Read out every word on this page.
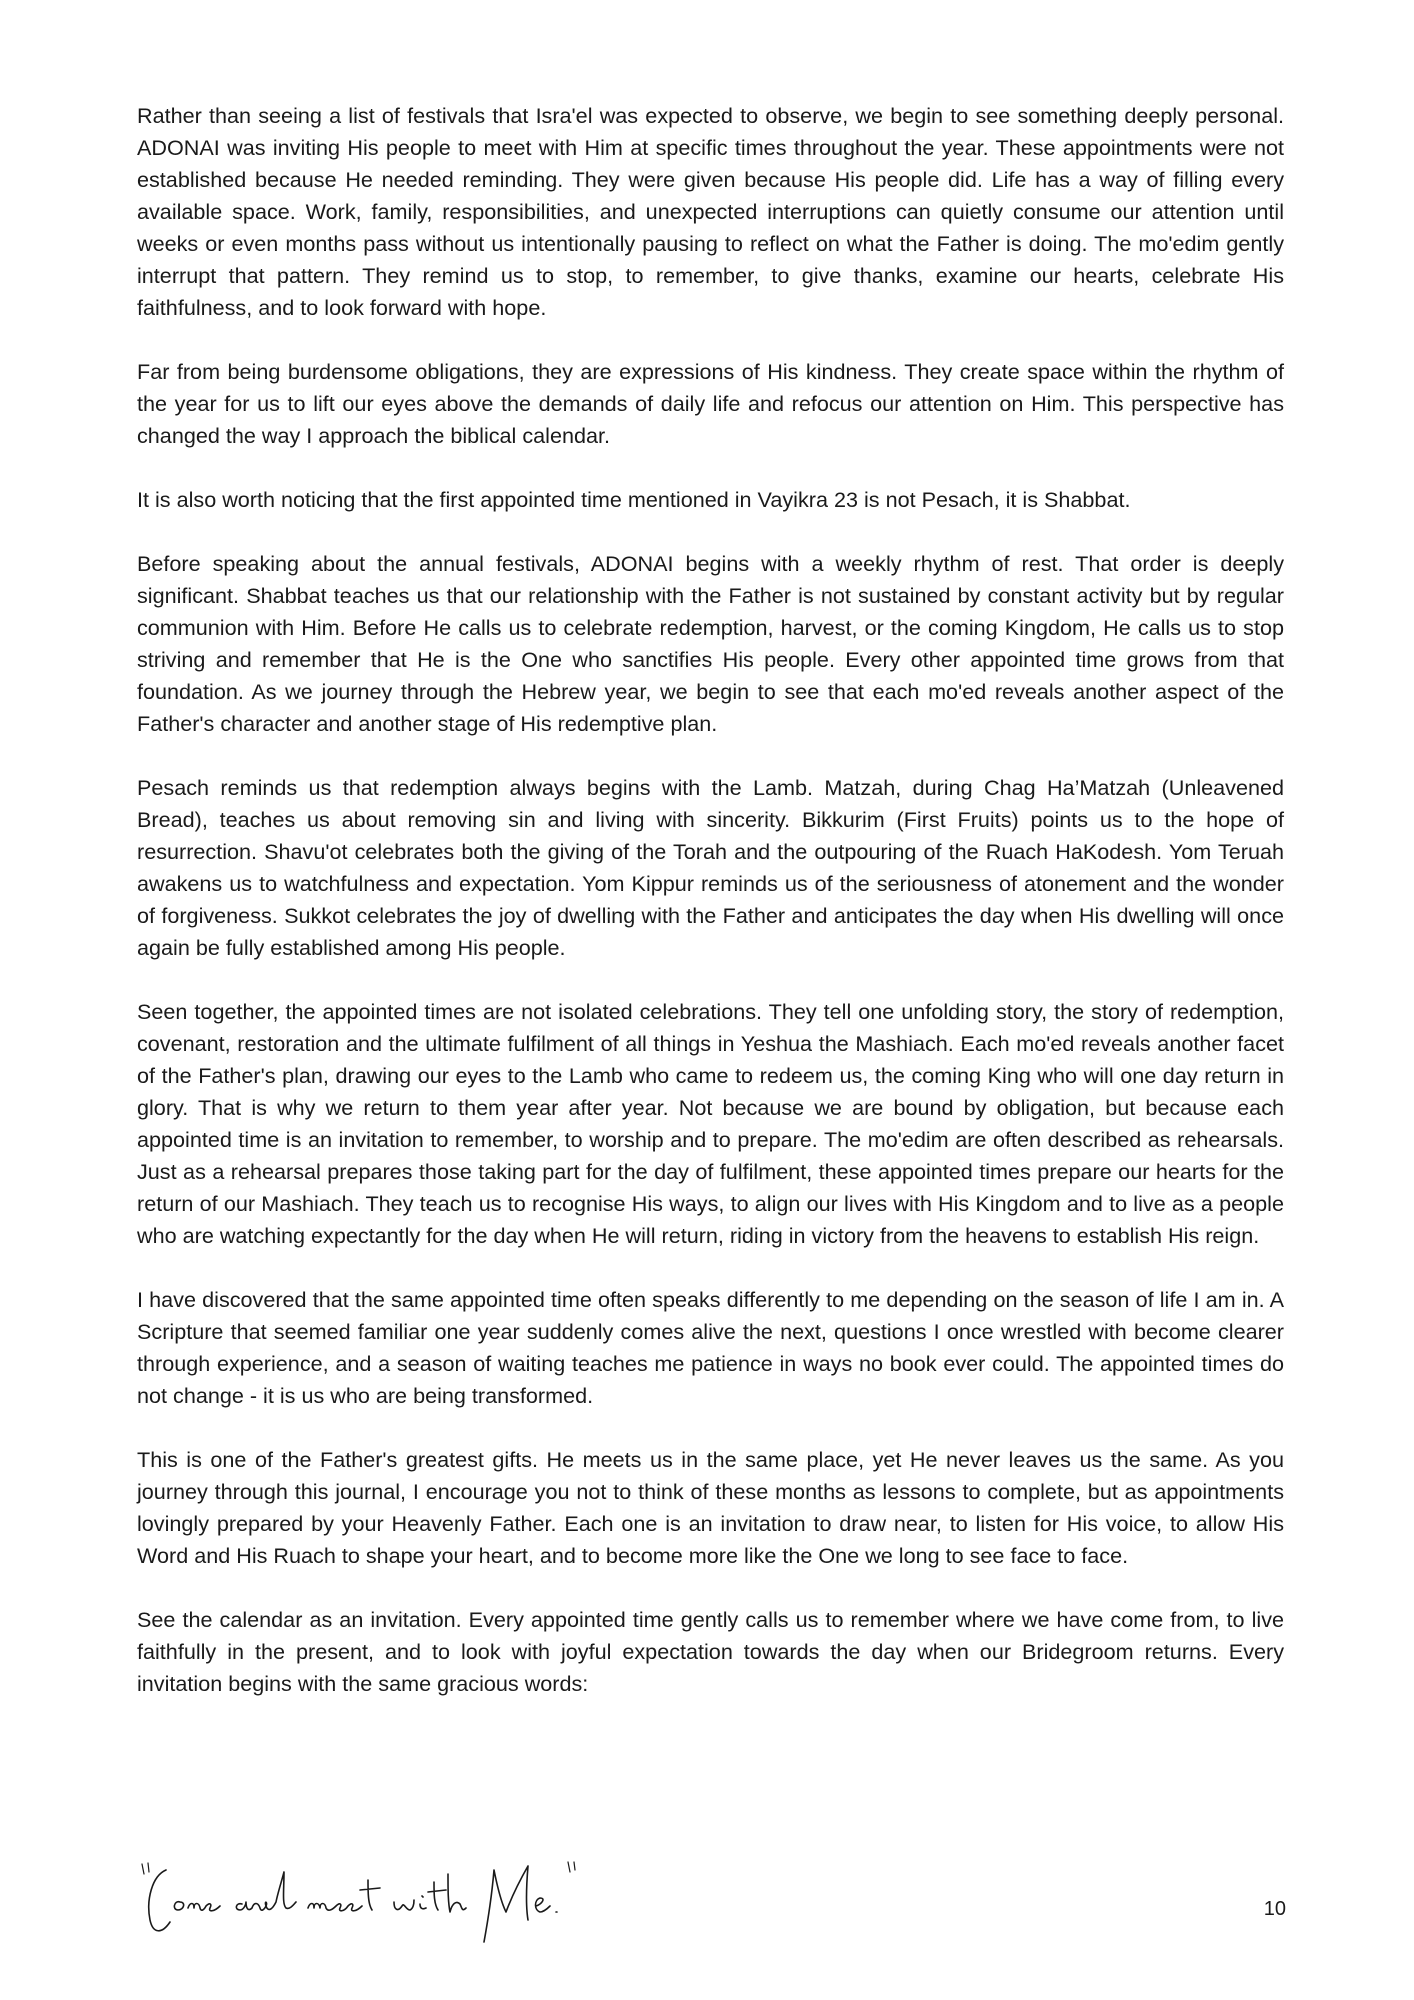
Rather than seeing a list of festivals that Isra'el was expected to observe, we begin to see something deeply personal. ADONAI was inviting His people to meet with Him at specific times throughout the year. These appointments were not established because He needed reminding. They were given because His people did. Life has a way of filling every available space. Work, family, responsibilities, and unexpected interruptions can quietly consume our attention until weeks or even months pass without us intentionally pausing to reflect on what the Father is doing. The mo'edim gently interrupt that pattern. They remind us to stop, to remember, to give thanks, examine our hearts, celebrate His faithfulness, and to look forward with hope.

Far from being burdensome obligations, they are expressions of His kindness. They create space within the rhythm of the year for us to lift our eyes above the demands of daily life and refocus our attention on Him. This perspective has changed the way I approach the biblical calendar.

It is also worth noticing that the first appointed time mentioned in Vayikra 23 is not Pesach, it is Shabbat.

Before speaking about the annual festivals, ADONAI begins with a weekly rhythm of rest. That order is deeply significant. Shabbat teaches us that our relationship with the Father is not sustained by constant activity but by regular communion with Him. Before He calls us to celebrate redemption, harvest, or the coming Kingdom, He calls us to stop striving and remember that He is the One who sanctifies His people. Every other appointed time grows from that foundation. As we journey through the Hebrew year, we begin to see that each mo'ed reveals another aspect of the Father's character and another stage of His redemptive plan.

Pesach reminds us that redemption always begins with the Lamb. Matzah, during Chag Ha’Matzah (Unleavened Bread), teaches us about removing sin and living with sincerity. Bikkurim (First Fruits) points us to the hope of resurrection. Shavu'ot celebrates both the giving of the Torah and the outpouring of the Ruach HaKodesh. Yom Teruah awakens us to watchfulness and expectation. Yom Kippur reminds us of the seriousness of atonement and the wonder of forgiveness. Sukkot celebrates the joy of dwelling with the Father and anticipates the day when His dwelling will once again be fully established among His people.

Seen together, the appointed times are not isolated celebrations. They tell one unfolding story, the story of redemption, covenant, restoration and the ultimate fulfilment of all things in Yeshua the Mashiach. Each mo'ed reveals another facet of the Father's plan, drawing our eyes to the Lamb who came to redeem us, the coming King who will one day return in glory. That is why we return to them year after year. Not because we are bound by obligation, but because each appointed time is an invitation to remember, to worship and to prepare. The mo'edim are often described as rehearsals. Just as a rehearsal prepares those taking part for the day of fulfilment, these appointed times prepare our hearts for the return of our Mashiach. They teach us to recognise His ways, to align our lives with His Kingdom and to live as a people who are watching expectantly for the day when He will return, riding in victory from the heavens to establish His reign.

I have discovered that the same appointed time often speaks differently to me depending on the season of life I am in. A Scripture that seemed familiar one year suddenly comes alive the next, questions I once wrestled with become clearer through experience, and a season of waiting teaches me patience in ways no book ever could. The appointed times do not change - it is us who are being transformed.

This is one of the Father's greatest gifts. He meets us in the same place, yet He never leaves us the same. As you journey through this journal, I encourage you not to think of these months as lessons to complete, but as appointments lovingly prepared by your Heavenly Father. Each one is an invitation to draw near, to listen for His voice, to allow His Word and His Ruach to shape your heart, and to become more like the One we long to see face to face.

See the calendar as an invitation. Every appointed time gently calls us to remember where we have come from, to live faithfully in the present, and to look with joyful expectation towards the day when our Bridegroom returns. Every invitation begins with the same gracious words:

10
